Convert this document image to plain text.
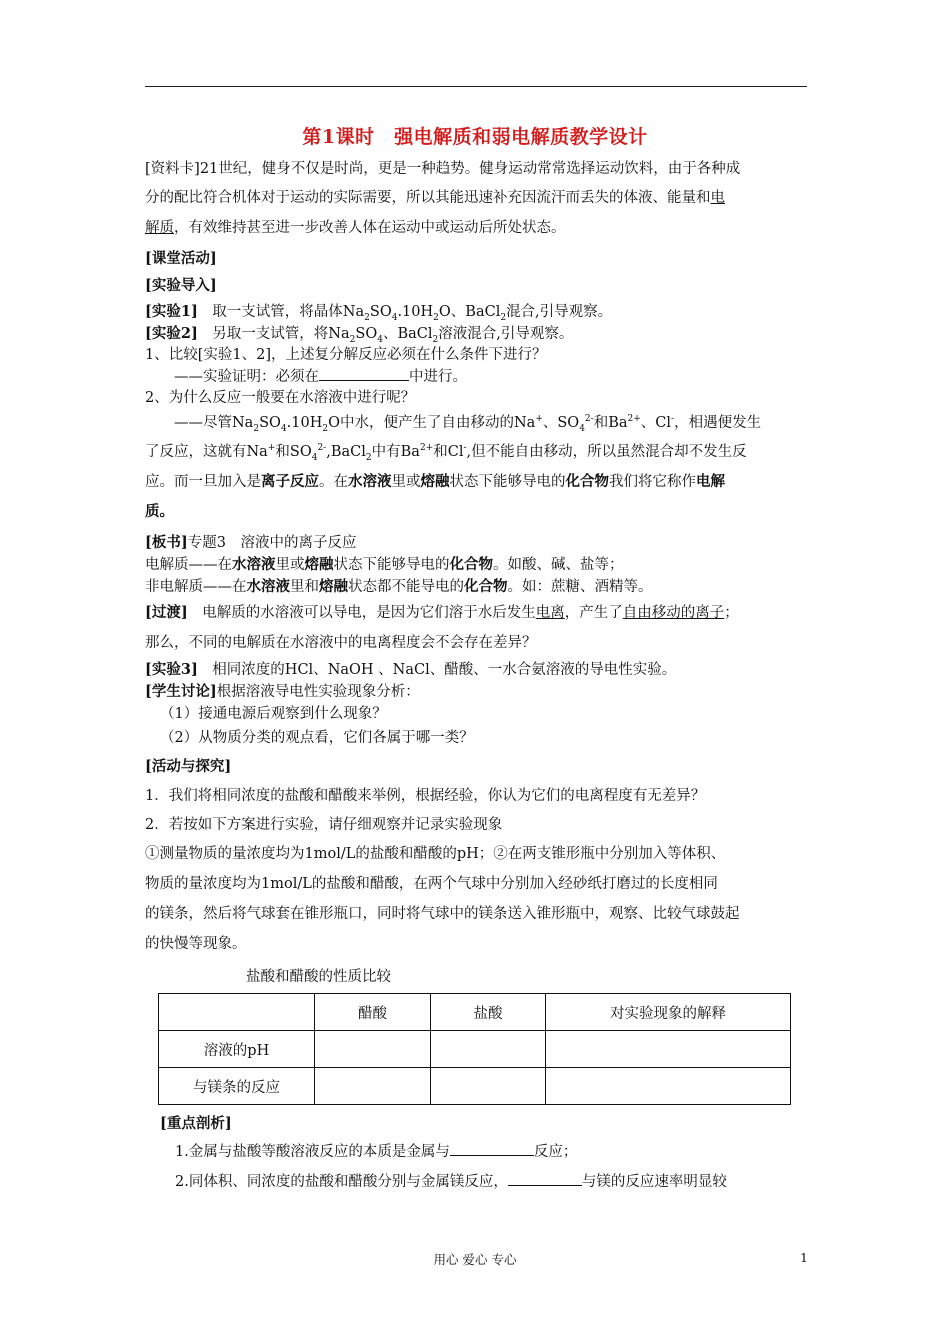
第1课时　强电解质和弱电解质教学设计
[资料卡]21世纪，健身不仅是时尚，更是一种趋势。健身运动常常选择运动饮料，由于各种成
分的配比符合机体对于运动的实际需要，所以其能迅速补充因流汗而丢失的体液、能量和电
解质，有效维持甚至进一步改善人体在运动中或运动后所处状态。
[课堂活动]
[实验导入]
[实验1]　取一支试管，将晶体$Na_2SO_4.10H_2O$、BaCl$_2$混合,引导观察。
[实验2]　另取一支试管，将$Na_2SO_4$、BaCl$_2$溶液混合,引导观察。
1、比较[实验1、2]，上述复分解反应必须在什么条件下进行？
　　——实验证明：必须在	中进行。
2、为什么反应一般要在水溶液中进行呢？
　　——尽管$Na_2SO_4.10H_2O$中水，便产生了自由移动的Na+、$SO_4^{2-}$和$Ba^{2+}$、Cl-，相遇便发生
了反应，这就有Na+和$SO_4^{2-},BaCl_2$中有$Ba^{2+}$和Cl-,但不能自由移动，所以虽然混合却不发生反
应。而一旦加入是离子反应。在水溶液里或熔融状态下能够导电的化合物我们将它称作电解
质。
[板书]专题3　溶液中的离子反应
电解质——在水溶液里或熔融状态下能够导电的化合物。如酸、碱、盐等；
非电解质——在水溶液里和熔融状态都不能导电的化合物。如：蔗糖、酒精等。
[过渡]　电解质的水溶液可以导电，是因为它们溶于水后发生电离，产生了自由移动的离子；
那么，不同的电解质在水溶液中的电离程度会不会存在差异？
[实验3]　相同浓度的HCl、NaOH 、NaCl、醋酸、一水合氨溶液的导电性实验。
[学生讨论]根据溶液导电性实验现象分析：
（1）接通电源后观察到什么现象？
（2）从物质分类的观点看，它们各属于哪一类？
[活动与探究]
1．我们将相同浓度的盐酸和醋酸来举例，根据经验，你认为它们的电离程度有无差异？
2．若按如下方案进行实验，请仔细观察并记录实验现象
①测量物质的量浓度均为1mol/L的盐酸和醋酸的pH；②在两支锥形瓶中分别加入等体积、
物质的量浓度均为1mol/L的盐酸和醋酸，在两个气球中分别加入经砂纸打磨过的长度相同
的镁条，然后将气球套在锥形瓶口，同时将气球中的镁条送入锥形瓶中，观察、比较气球鼓起
的快慢等现象。
盐酸和醋酸的性质比较
	醋酸	盐酸	对实验现象的解释
溶液的pH			
与镁条的反应			
[重点剖析]
1.金属与盐酸等酸溶液反应的本质是金属与	反应；
2.同体积、同浓度的盐酸和醋酸分别与金属镁反应，	与镁的反应速率明显较
用心 爱心 专心	1
